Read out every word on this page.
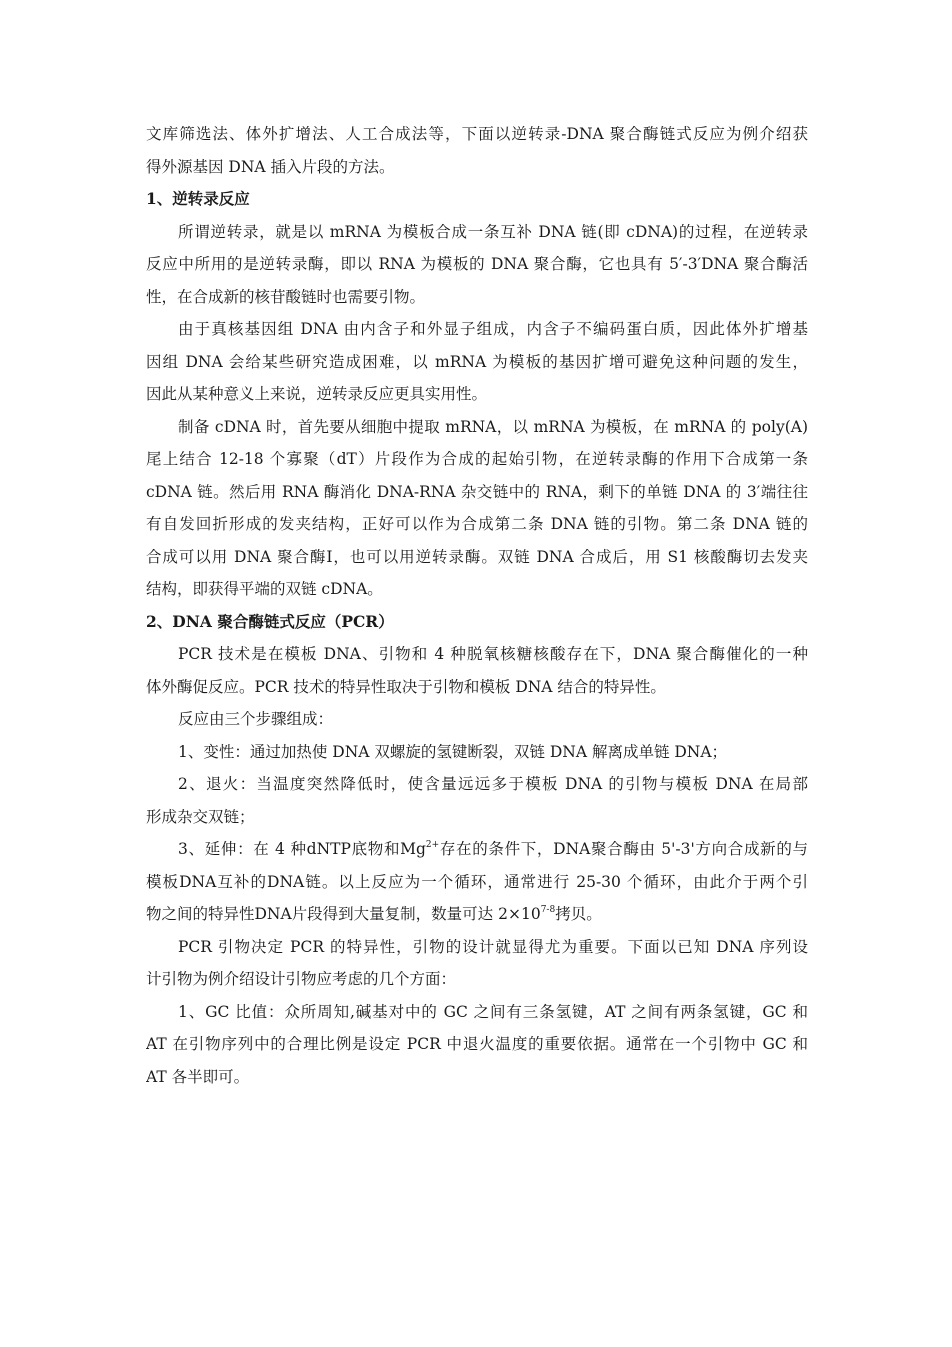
文库筛选法、体外扩增法、人工合成法等，下面以逆转录-DNA 聚合酶链式反应为例介绍获

得外源基因 DNA 插入片段的方法。

1、逆转录反应

所谓逆转录，就是以 mRNA 为模板合成一条互补 DNA 链(即 cDNA)的过程，在逆转录

反应中所用的是逆转录酶，即以 RNA 为模板的 DNA 聚合酶，它也具有 5′-3′DNA 聚合酶活

性，在合成新的核苷酸链时也需要引物。

由于真核基因组 DNA 由内含子和外显子组成，内含子不编码蛋白质，因此体外扩增基

因组 DNA 会给某些研究造成困难，以 mRNA 为模板的基因扩增可避免这种问题的发生，

因此从某种意义上来说，逆转录反应更具实用性。

制备 cDNA 时，首先要从细胞中提取 mRNA，以 mRNA 为模板，在 mRNA 的 poly(A)

尾上结合 12-18 个寡聚（dT）片段作为合成的起始引物，在逆转录酶的作用下合成第一条

cDNA 链。然后用 RNA 酶消化 DNA-RNA 杂交链中的 RNA，剩下的单链 DNA 的 3′端往往

有自发回折形成的发夹结构，正好可以作为合成第二条 DNA 链的引物。第二条 DNA 链的

合成可以用 DNA 聚合酶Ⅰ，也可以用逆转录酶。双链 DNA 合成后，用 S1 核酸酶切去发夹

结构，即获得平端的双链 cDNA。

2、DNA 聚合酶链式反应（PCR）

PCR 技术是在模板 DNA、引物和 4 种脱氧核糖核酸存在下，DNA 聚合酶催化的一种

体外酶促反应。PCR 技术的特异性取决于引物和模板 DNA 结合的特异性。

反应由三个步骤组成：

1、变性：通过加热使 DNA 双螺旋的氢键断裂，双链 DNA 解离成单链 DNA；

2、退火：当温度突然降低时，使含量远远多于模板 DNA 的引物与模板 DNA 在局部

形成杂交双链；

3、延伸：在 4 种dNTP底物和$Mg^{2+}$存在的条件下，DNA聚合酶由 5'-3'方向合成新的与

模板DNA互补的DNA链。以上反应为一个循环，通常进行 25-30 个循环，由此介于两个引

物之间的特异性DNA片段得到大量复制，数量可达 $2\times 10^{7-8}$拷贝。

PCR 引物决定 PCR 的特异性，引物的设计就显得尤为重要。下面以已知 DNA 序列设

计引物为例介绍设计引物应考虑的几个方面：

1、GC 比值：众所周知,碱基对中的 GC 之间有三条氢键，AT 之间有两条氢键，GC 和

AT 在引物序列中的合理比例是设定 PCR 中退火温度的重要依据。通常在一个引物中 GC 和

AT 各半即可。
